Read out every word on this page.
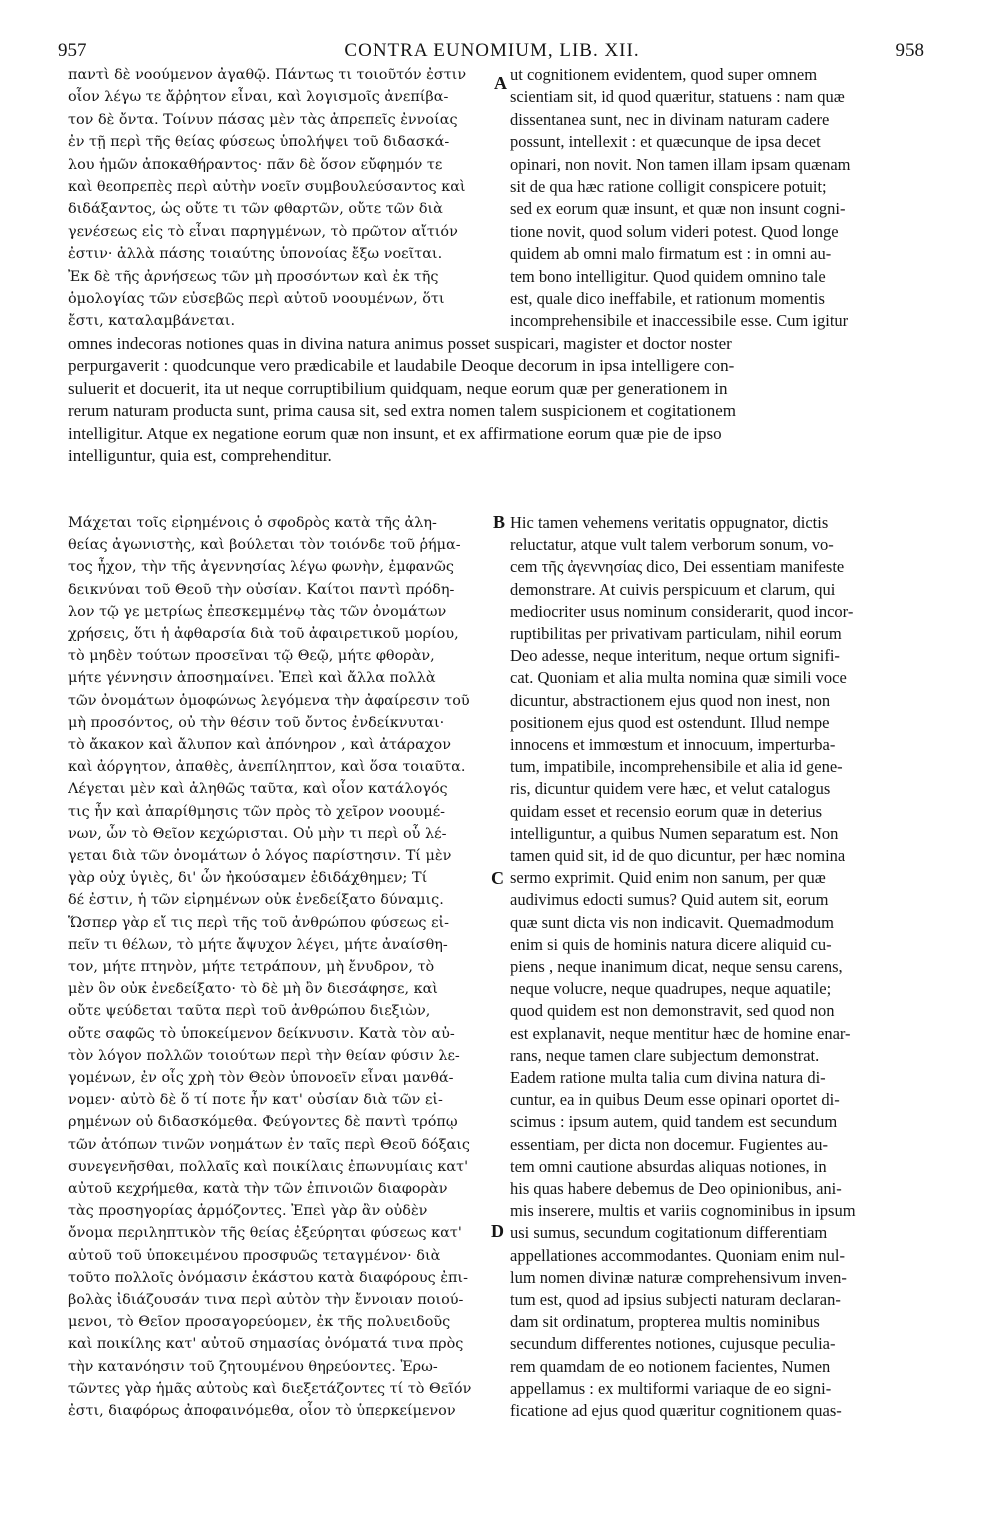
957	CONTRA EUNOMIUM, LIB. XII.	958
παντὶ δὲ νοούμενον ἀγαθῷ. Πάντως τι τοιοῦτόν ἐστιν
οἷον λέγω τε ἄῤῥητον εἶναι, καὶ λογισμοῖς ἀνεπίβα-
τον δὲ ὄντα. Τοίνυν πάσας μὲν τὰς ἀπρεπεῖς ἐννοίας
ἐν τῇ περὶ τῆς θείας φύσεως ὑπολήψει τοῦ διδασκά-
λου ἡμῶν ἀποκαθήραντος· πᾶν δὲ ὅσον εὔφημόν τε
καὶ θεοπρεπὲς περὶ αὐτὴν νοεῖν συμβουλεύσαντος καὶ
διδάξαντος, ὡς οὔτε τι τῶν φθαρτῶν, οὔτε τῶν διὰ
γενέσεως εἰς τὸ εἶναι παρηγμένων, τὸ πρῶτον αἴτιόν
ἐστιν· ἀλλὰ πάσης τοιαύτης ὑπονοίας ἔξω νοεῖται.
Ἐκ δὲ τῆς ἀρνήσεως τῶν μὴ προσόντων καὶ ἐκ τῆς
ὁμολογίας τῶν εὐσεβῶς περὶ αὐτοῦ νοουμένων, ὅτι
ἔστι, καταλαμβάνεται.
ut cognitionem evidentem, quod super omnem
scientiam sit, id quod quæritur, statuens : nam quæ
dissentanea sunt, nec in divinam naturam cadere
possunt, intellexit : et quæcunque de ipsa decet
opinari, non novit. Non tamen illam ipsam quænam
sit de qua hæc ratione colligit conspicere potuit;
sed ex eorum quæ insunt, et quæ non insunt cogni-
tione novit, quod solum videri potest. Quod longe
quidem ab omni malo firmatum est : in omni au-
tem bono intelligitur. Quod quidem omnino tale
est, quale dico ineffabile, et rationum momentis
incomprehensibile et inaccessibile esse. Cum igitur
omnes indecoras notiones quas in divina natura animus posset suspicari, magister et doctor noster
perpurgaverit : quodcunque vero prædicabile et laudabile Deoque decorum in ipsa intelligere con-
suluerit et docuerit, ita ut neque corruptibilium quidquam, neque eorum quæ per generationem in
rerum naturam producta sunt, prima causa sit, sed extra nomen talem suspicionem et cogitationem
intelligitur. Atque ex negatione eorum quæ non insunt, et ex affirmatione eorum quæ pie de ipso
intelliguntur, quia est, comprehenditur.
Μάχεται τοῖς εἰρημένοις ὁ σφοδρὸς κατὰ τῆς ἀλη-
θείας ἀγωνιστὴς, καὶ βούλεται τὸν τοιόνδε τοῦ ῥήμα-
τος ἦχον, τὴν τῆς ἀγεννησίας λέγω φωνὴν, ἐμφανῶς
δεικνύναι τοῦ Θεοῦ τὴν οὐσίαν. Καίτοι παντὶ πρόδη-
λον τῷ γε μετρίως ἐπεσκεμμένῳ τὰς τῶν ὀνομάτων
χρήσεις, ὅτι ἡ ἀφθαρσία διὰ τοῦ ἀφαιρετικοῦ μορίου,
τὸ μηδὲν τούτων προσεῖναι τῷ Θεῷ, μήτε φθορὰν,
μήτε γέννησιν ἀποσημαίνει. Ἐπεὶ καὶ ἄλλα πολλὰ
τῶν ὀνομάτων ὁμοφώνως λεγόμενα τὴν ἀφαίρεσιν τοῦ
μὴ προσόντος, οὐ τὴν θέσιν τοῦ ὄντος ἐνδείκνυται·
τὸ ἄκακον καὶ ἄλυπον καὶ ἀπόνηρον , καὶ ἀτάραχον
καὶ ἀόργητον, ἀπαθὲς, ἀνεπίληπτον, καὶ ὅσα τοιαῦτα.
Λέγεται μὲν καὶ ἀληθῶς ταῦτα, καὶ οἷον κατάλογός
τις ἦν καὶ ἀπαρίθμησις τῶν πρὸς τὸ χεῖρον νοουμέ-
νων, ὧν τὸ Θεῖον κεχώρισται. Οὐ μὴν τι περὶ οὗ λέ-
γεται διὰ τῶν ὀνομάτων ὁ λόγος παρίστησιν. Τί μὲν
γὰρ οὐχ ὑγιὲς, δι' ὧν ἠκούσαμεν ἐδιδάχθημεν; Τί
δέ ἐστιν, ἡ τῶν εἰρημένων οὐκ ἐνεδείξατο δύναμις.
Ὥσπερ γὰρ εἴ τις περὶ τῆς τοῦ ἀνθρώπου φύσεως εἰ-
πεῖν τι θέλων, τὸ μήτε ἄψυχον λέγει, μήτε ἀναίσθη-
τον, μήτε πτηνὸν, μήτε τετράπουν, μὴ ἔνυδρον, τὸ
μὲν ὃν οὐκ ἐνεδείξατο· τὸ δὲ μὴ ὂν διεσάφησε, καὶ
οὔτε ψεύδεται ταῦτα περὶ τοῦ ἀνθρώπου διεξιὼν,
οὔτε σαφῶς τὸ ὑποκείμενον δείκνυσιν. Κατὰ τὸν αὐ-
τὸν λόγον πολλῶν τοιούτων περὶ τὴν θείαν φύσιν λε-
γομένων, ἐν οἷς χρὴ τὸν Θεὸν ὑπονοεῖν εἶναι μανθά-
νομεν· αὐτὸ δὲ ὅ τί ποτε ἦν κατ' οὐσίαν διὰ τῶν εἰ-
ρημένων οὐ διδασκόμεθα. Φεύγοντες δὲ παντὶ τρόπῳ
τῶν ἀτόπων τινῶν νοημάτων ἐν ταῖς περὶ Θεοῦ δόξαις
συνεγενῆσθαι, πολλαῖς καὶ ποικίλαις ἐπωνυμίαις κατ'
αὐτοῦ κεχρήμεθα, κατὰ τὴν τῶν ἐπινοιῶν διαφορὰν
τὰς προσηγορίας ἁρμόζοντες. Ἐπεὶ γὰρ ἂν οὐδὲν
ὄνομα περιληπτικὸν τῆς θείας ἐξεύρηται φύσεως κατ'
αὐτοῦ τοῦ ὑποκειμένου προσφυῶς τεταγμένον· διὰ
τοῦτο πολλοῖς ὀνόμασιν ἑκάστου κατὰ διαφόρους ἐπι-
βολὰς ἰδιάζουσάν τινα περὶ αὐτὸν τὴν ἔννοιαν ποιού-
μενοι, τὸ Θεῖον προσαγορεύομεν, ἐκ τῆς πολυειδοῦς
καὶ ποικίλης κατ' αὐτοῦ σημασίας ὀνόματά τινα πρὸς
τὴν κατανόησιν τοῦ ζητουμένου θηρεύοντες. Ἐρω-
τῶντες γὰρ ἡμᾶς αὐτοὺς καὶ διεξετάζοντες τί τὸ Θεῖόν
ἐστι, διαφόρως ἀποφαινόμεθα, οἷον τὸ ὑπερκείμενον
Hic tamen vehemens veritatis oppugnator, dictis
reluctatur, atque vult talem verborum sonum, vo-
cem τῆς ἀγεννησίας dico, Dei essentiam manifeste
demonstrare. At cuivis perspicuum et clarum, qui
mediocriter usus nominum considerarit, quod incor-
ruptibilitas per privativam particulam, nihil eorum
Deo adesse, neque interitum, neque ortum signifi-
cat. Quoniam et alia multa nomina quæ simili voce
dicuntur, abstractionem ejus quod non inest, non
positionem ejus quod est ostendunt. Illud nempe
innocens et immœstum et innocuum, imperturba-
tum, impatibile, incomprehensibile et alia id gene-
ris, dicuntur quidem vere hæc, et velut catalogus
quidam esset et recensio eorum quæ in deterius
intelliguntur, a quibus Numen separatum est. Non
tamen quid sit, id de quo dicuntur, per hæc nomina
sermo exprimit. Quid enim non sanum, per quæ
audivimus edocti sumus? Quid autem sit, eorum
quæ sunt dicta vis non indicavit. Quemadmodum
enim si quis de hominis natura dicere aliquid cu-
piens , neque inanimum dicat, neque sensu carens,
neque volucre, neque quadrupes, neque aquatile;
quod quidem est non demonstravit, sed quod non
est explanavit, neque mentitur hæc de homine enar-
rans, neque tamen clare subjectum demonstrat.
Eadem ratione multa talia cum divina natura di-
cuntur, ea in quibus Deum esse opinari oportet di-
scimus : ipsum autem, quid tandem est secundum
essentiam, per dicta non docemur. Fugientes au-
tem omni cautione absurdas aliquas notiones, in
his quas habere debemus de Deo opinionibus, ani-
mis inserere, multis et variis cognominibus in ipsum
usi sumus, secundum cogitationum differentiam
appellationes accommodantes. Quoniam enim nul-
lum nomen divinæ naturæ comprehensivum inven-
tum est, quod ad ipsius subjecti naturam declaran-
dam sit ordinatum, propterea multis nominibus
secundum differentes notiones, cujusque peculia-
rem quamdam de eo notionem facientes, Numen
appellamus : ex multiformi variaque de eo signi-
ficatione ad ejus quod quæritur cognitionem quas-
A
B
C
D
